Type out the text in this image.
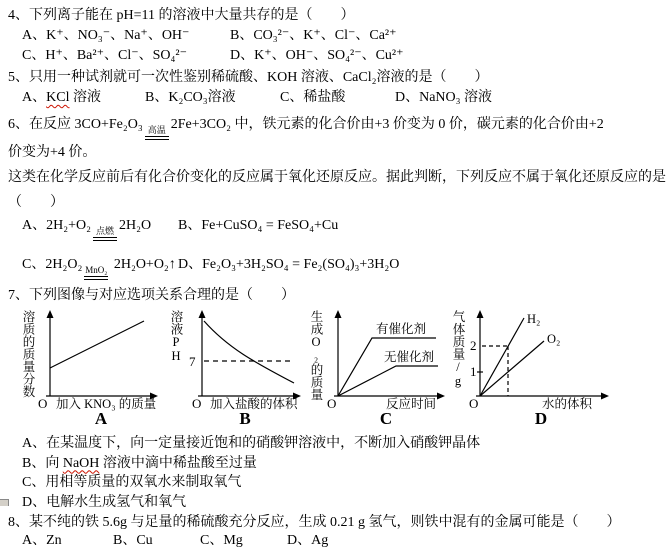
4、下列离子能在 pH=11 的溶液中大量共存的是（　　）
A、K⁺、NO₃⁻、Na⁺、OH⁻	B、CO₃²⁻、K⁺、Cl⁻、Ca²⁺
C、H⁺、Ba²⁺、Cl⁻、SO₄²⁻	D、K⁺、OH⁻、SO₄²⁻、Cu²⁺
5、只用一种试剂就可一次性鉴别稀硫酸、KOH 溶液、CaCl₂溶液的是（　　）
A、KCl 溶液	B、K₂CO₃溶液	C、稀盐酸	D、NaNO₃ 溶液
6、在反应 3CO+Fe₂O₃ 高温 2Fe+3CO₂ 中，铁元素的化合价由+3 价变为 0 价，碳元素的化合价由+2 价变为+4 价。
这类在化学反应前后有化合价变化的反应属于氧化还原反应。据此判断，下列反应不属于氧化还原反应的是
（　　）
A、2H₂+O₂ 点燃 2H₂O	B、Fe+CuSO₄ = FeSO₄+Cu
C、2H₂O₂ MnO₂ 2H₂O+O₂↑ D、Fe₂O₃+3H₂SO₄ = Fe₂(SO₄)₃+3H₂O
7、下列图像与对应选项关系合理的是（　　）
溶质的质量分数
O 加入 KNO₃ 的质量
A
溶液PH 7
O 加入盐酸的体积
B
生成O₂的质量	有催化剂
无催化剂
O	反应时间
C
气体质量/g 2
1
H₂
O₂
O	水的体积
D
A、在某温度下，向一定量接近饱和的硝酸钾溶液中，不断加入硝酸钾晶体
B、向 NaOH 溶液中滴中稀盐酸至过量
C、用相等质量的双氧水来制取氧气
D、电解水生成氢气和氧气
8、某不纯的铁 5.6g 与足量的稀硫酸充分反应，生成 0.21 g 氢气，则铁中混有的金属可能是（　　）
A、Zn	B、Cu	C、Mg	D、Ag
